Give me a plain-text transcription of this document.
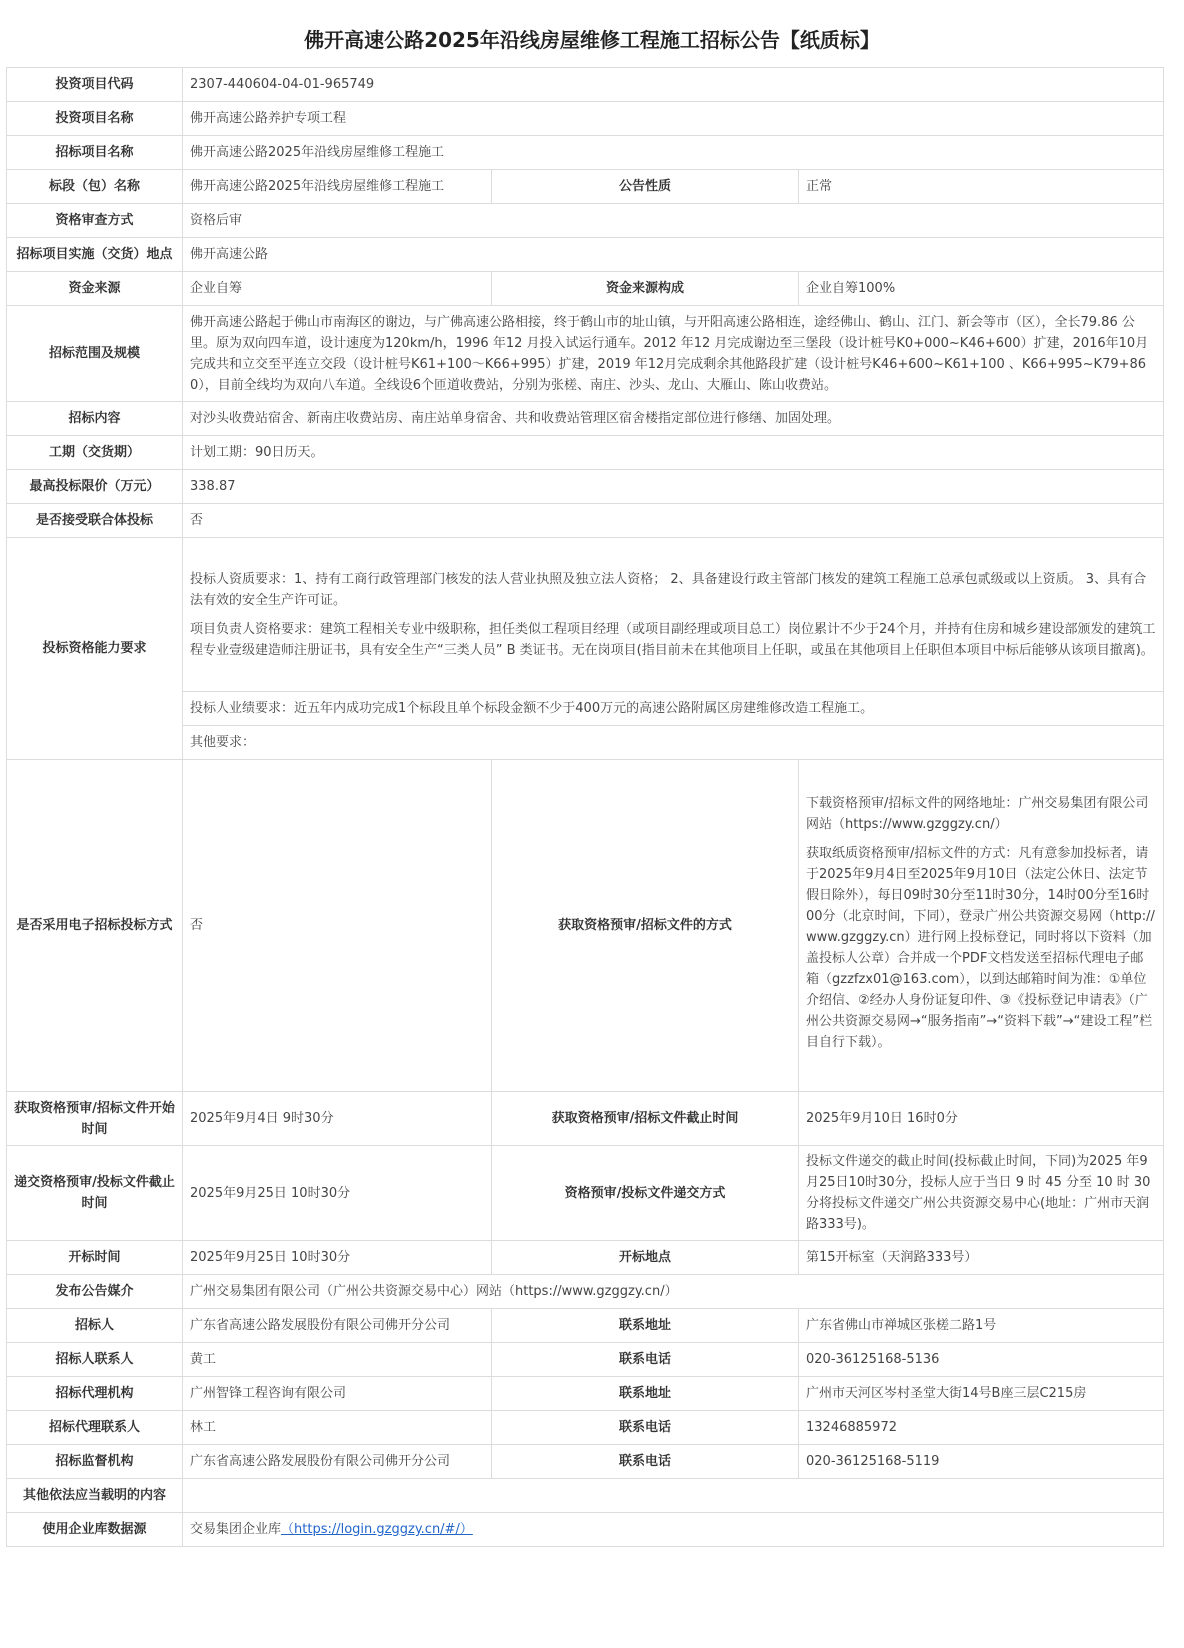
佛开高速公路2025年沿线房屋维修工程施工招标公告【纸质标】
投资项目代码	2307-440604-04-01-965749		
投资项目名称	佛开高速公路养护专项工程		
招标项目名称	佛开高速公路2025年沿线房屋维修工程施工		
标段（包）名称	佛开高速公路2025年沿线房屋维修工程施工	公告性质	正常
资格审查方式	资格后审		
招标项目实施（交货）地点	佛开高速公路		
资金来源	企业自筹	资金来源构成	企业自筹100%
招标范围及规模	佛开高速公路起于佛山市南海区的谢边，与广佛高速公路相接，终于鹤山市的址山镇，与开阳高速公路相连，途经佛山、鹤山、江门、新会等市（区），全长79.86 公里。原为双向四车道，设计速度为120km/h，1996 年12 月投入试运行通车。2012 年12 月完成谢边至三堡段（设计桩号K0+000~K46+600）扩建，2016年10月完成共和立交至平连立交段（设计桩号K61+100～K66+995）扩建，2019 年12月完成剩余其他路段扩建（设计桩号K46+600~K61+100 、K66+995~K79+860），目前全线均为双向八车道。全线设6个匝道收费站，分别为张槎、南庄、沙头、龙山、大雁山、陈山收费站。		
招标内容	对沙头收费站宿舍、新南庄收费站房、南庄站单身宿舍、共和收费站管理区宿舍楼指定部位进行修缮、加固处理。		
工期（交货期）	计划工期：90日历天。		
最高投标限价（万元）	338.87		
是否接受联合体投标	否		
投标资格能力要求	投标人资质要求：1、持有工商行政管理部门核发的法人营业执照及独立法人资格； 2、具备建设行政主管部门核发的建筑工程施工总承包贰级或以上资质。 3、具有合法有效的安全生产许可证。
项目负责人资格要求：建筑工程相关专业中级职称，担任类似工程项目经理（或项目副经理或项目总工）岗位累计不少于24个月，并持有住房和城乡建设部颁发的建筑工程专业壹级建造师注册证书，具有安全生产“三类人员” B 类证书。无在岗项目(指目前未在其他项目上任职，或虽在其他项目上任职但本项目中标后能够从该项目撤离)。		

	投标人业绩要求：近五年内成功完成1个标段且单个标段金额不少于400万元的高速公路附属区房建维修改造工程施工。		
	其他要求：		
是否采用电子招标投标方式	否	获取资格预审/招标文件的方式	下载资格预审/招标文件的网络地址：广州交易集团有限公司网站（https://www.gzggzy.cn/）
获取纸质资格预审/招标文件的方式：凡有意参加投标者，请于2025年9月4日至2025年9月10日（法定公休日、法定节假日除外），每日09时30分至11时30分，14时00分至16时00分（北京时间，下同），登录广州公共资源交易网（http://www.gzggzy.cn）进行网上投标登记，同时将以下资料（加盖投标人公章）合并成一个PDF文档发送至招标代理电子邮箱（gzzfzx01@163.com），以到达邮箱时间为准：①单位介绍信、②经办人身份证复印件、③《投标登记申请表》（广州公共资源交易网→“服务指南”→“资料下载”→“建设工程”栏目自行下载）。

获取资格预审/招标文件开始时间	2025年9月4日 9时30分	获取资格预审/招标文件截止时间	2025年9月10日 16时0分
递交资格预审/投标文件截止时间	2025年9月25日 10时30分	资格预审/投标文件递交方式	投标文件递交的截止时间(投标截止时间，下同)为2025 年9月25日10时30分，投标人应于当日 9 时 45 分至 10 时 30 分将投标文件递交广州公共资源交易中心(地址：广州市天润路333号)。
开标时间	2025年9月25日 10时30分	开标地点	第15开标室（天润路333号）
发布公告媒介	广州交易集团有限公司（广州公共资源交易中心）网站（https://www.gzggzy.cn/）		
招标人	广东省高速公路发展股份有限公司佛开分公司	联系地址	广东省佛山市禅城区张槎二路1号
招标人联系人	黄工	联系电话	020-36125168-5136
招标代理机构	广州智锋工程咨询有限公司	联系地址	广州市天河区岑村圣堂大街14号B座三层C215房
招标代理联系人	林工	联系电话	13246885972
招标监督机构	广东省高速公路发展股份有限公司佛开分公司	联系电话	020-36125168-5119
其他依法应当载明的内容			
使用企业库数据源	交易集团企业库（https://login.gzggzy.cn/#/）		
